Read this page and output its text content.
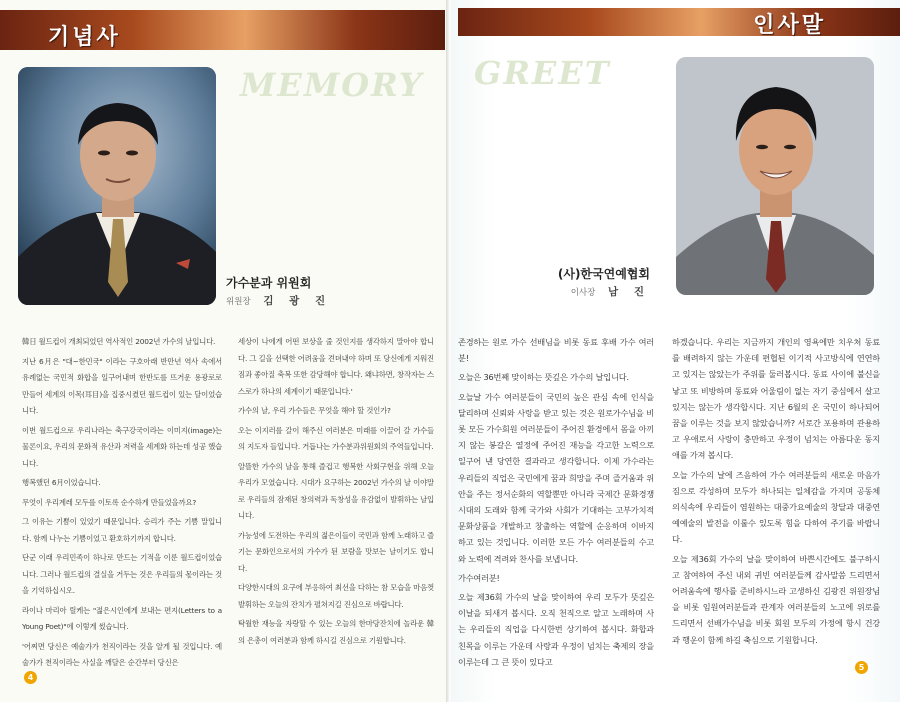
기념사
MEMORY
가수분과 위원회
위원장 김 광 진

韓日 월드컵이 개최되었던 역사적인 2002년 가수의 날입니다.

지난 6月은 "대~한민국" 이라는 구호아래 반만년 역사 속에서 유례없는 국민적 화합을 일구어내며 한반도를 뜨거운 용광로로 만들어 세계의 이목(耳目)을 집중시켰던 월드컵이 있는 달이었습니다.

이번 월드컵으로 우리나라는 축구강국이라는 이미지(image)는 물론이요, 우리의 문화적 유산과 저력을 세계화 하는데 성공 했습니다.

행복했던 6月이었습니다.

무엇이 우리계레 모두를 이토록 순수하게 만들었을까요?

그 이유는 기쁨이 있었기 때문입니다. 승리가 주는 기쁨 말입니다. 함께 나누는 기쁨이었고 환호하기까지 합니다.

단군 이래 우리민족이 하나로 만드는 기적을 이룬 월드컵이었습니다. 그러나 월드컵의 결실을 거두는 것은 우리들의 몫이라는 것을 기억하십시오.

라이나 마리아 릴케는 "젊은시인에게 보내는 편지(Letters to a Young Poet)"에 이렇게 썼습니다.

'어찌면 당신은 예술가가 천직이라는 것을 알게 될 것입니다. 예술가가 천직이라는 사실을 깨달은 순간부터 당신은

세상이 나에게 어떤 보상을 줄 것인지를 생각하지 말아야 합니다. 그 길을 선택한 어려움을 견뎌내야 하며 또 당신에게 지워진 짐과 좋아질 축복 또한 감당해야 합니다. 왜냐하면, 창작자는 스스로가 하나의 세계이기 때문입니다.'

가수의 날, 우리 가수들은 무엇을 해야 할 것인가?

오는 이지러를 갈이 해주신 여러분은 미래를 이끌어 갈 가수들의 지도자 들입니다. 거듭나는 가수분과위원회의 주역들입니다.

알뜰한 가수의 날을 통해 즐겁고 행복한 사회구현을 위해 오늘 우리가 모였습니다. 시대가 요구하는 2002년 가수의 날 이야말로 우리들의 잠재된 창의력과 독창성을 유감없이 발휘하는 날입니다.

가능성에 도전하는 우리의 젊은이들이 국민과 함께 노래하고 즐기는 문화인으로서의 가수가 된 보람을 맛보는 날이기도 합니다.

다양한시대의 요구에 부응하여 최선을 다하는 참 모습을 마음껏 발휘하는 오늘의 잔치가 펼쳐지길 진심으로 바랍니다.

탁월한 재능을 자랑할 수 있는 오늘의 한마당잔치에 놀라운 韓의 은총이 여러분과 함께 하시길 진심으로 기원합니다.

4
인사말
GREET
(사)한국연예협회
이사장 남 진

존경하는 원로 가수 선배님을 비롯 동료 후배 가수 여러분!

오늘은 36번째 맞이하는 뜻깊은 가수의 날입니다.

오늘날 가수 여러분들이 국민의 높은 관심 속에 인식을 달리하며 신뢰와 사랑을 받고 있는 것은 원로가수님을 비롯 모든 가수회원 여러분들이 주어진 환경에서 몸을 아끼지 않는 봉갈은 열정에 주어진 재능을 각고한 노력으로 일구어 낸 당연한 결과라고 생각합니다. 이제 가수라는 우리들의 직업은 국민에게 꿈과 희망을 주며 즐거움과 위안을 주는 정서순화의 역할뿐만 아니라 국제간 문화경쟁시대의 도래와 함께 국가와 사회가 기대하는 고부가치적 문화상품을 개발하고 창출하는 역할에 순응하며 이바지하고 있는 것입니다. 이러한 모든 가수 여러분들의 수고와 노력에 격려와 찬사를 보냅니다.

가수여러분!

오늘 제36회 가수의 날을 맞이하여 우리 모두가 뜻깊은 이날을 되새겨 봅시다. 오직 천직으로 알고 노래하며 사는 우리들의 직업을 다시한번 상기하여 봅시다. 화합과 친목을 이루는 가운데 사랑과 우정이 넘치는 축제의 장을 이루는데 그 큰 뜻이 있다고

하겠습니다. 우리는 지금까지 개인의 영욕에만 치우쳐 동료를 배려하지 않는 가운데 편협된 이기적 사고방식에 연연하고 있지는 않았는가 주위를 둘러봅시다. 동료 사이에 불신을 낳고 또 비방하며 동료와 어울림이 없는 자기 중심에서 살고 있지는 않는가 생각합시다. 지난 6월의 온 국민이 하나되어 꿈을 이루는 것을 보지 않았습니까? 서로간 포용하며 관용하고 우애로서 사랑이 충만하고 우정이 넘치는 아름다운 동지애를 가져 봅시다.

오늘 가수의 날에 즈음하여 가수 여러분들의 새로운 마음가짐으로 각성하며 모두가 하나되는 일체감을 가지며 공동체 의식속에 우리들이 염원하는 대중가요예술의 창달과 대중연예예술의 발전을 이룰수 있도록 힘을 다하여 주기를 바랍니다.

오늘 제36회 가수의 날을 맞이하여 바쁜시간에도 불구하시고 참여하여 주신 내외 귀빈 여러분들께 감사말씀 드리면서 어려움속에 행사를 준비하시느라 고생하신 김광진 위원장님을 비롯 임원여러분들과 관계자 여러분들의 노고에 위로를 드리면서 선배가수님을 비롯 회원 모두의 가정에 항시 건강과 행운이 함께 하길 축심으로 기원합니다.

5
